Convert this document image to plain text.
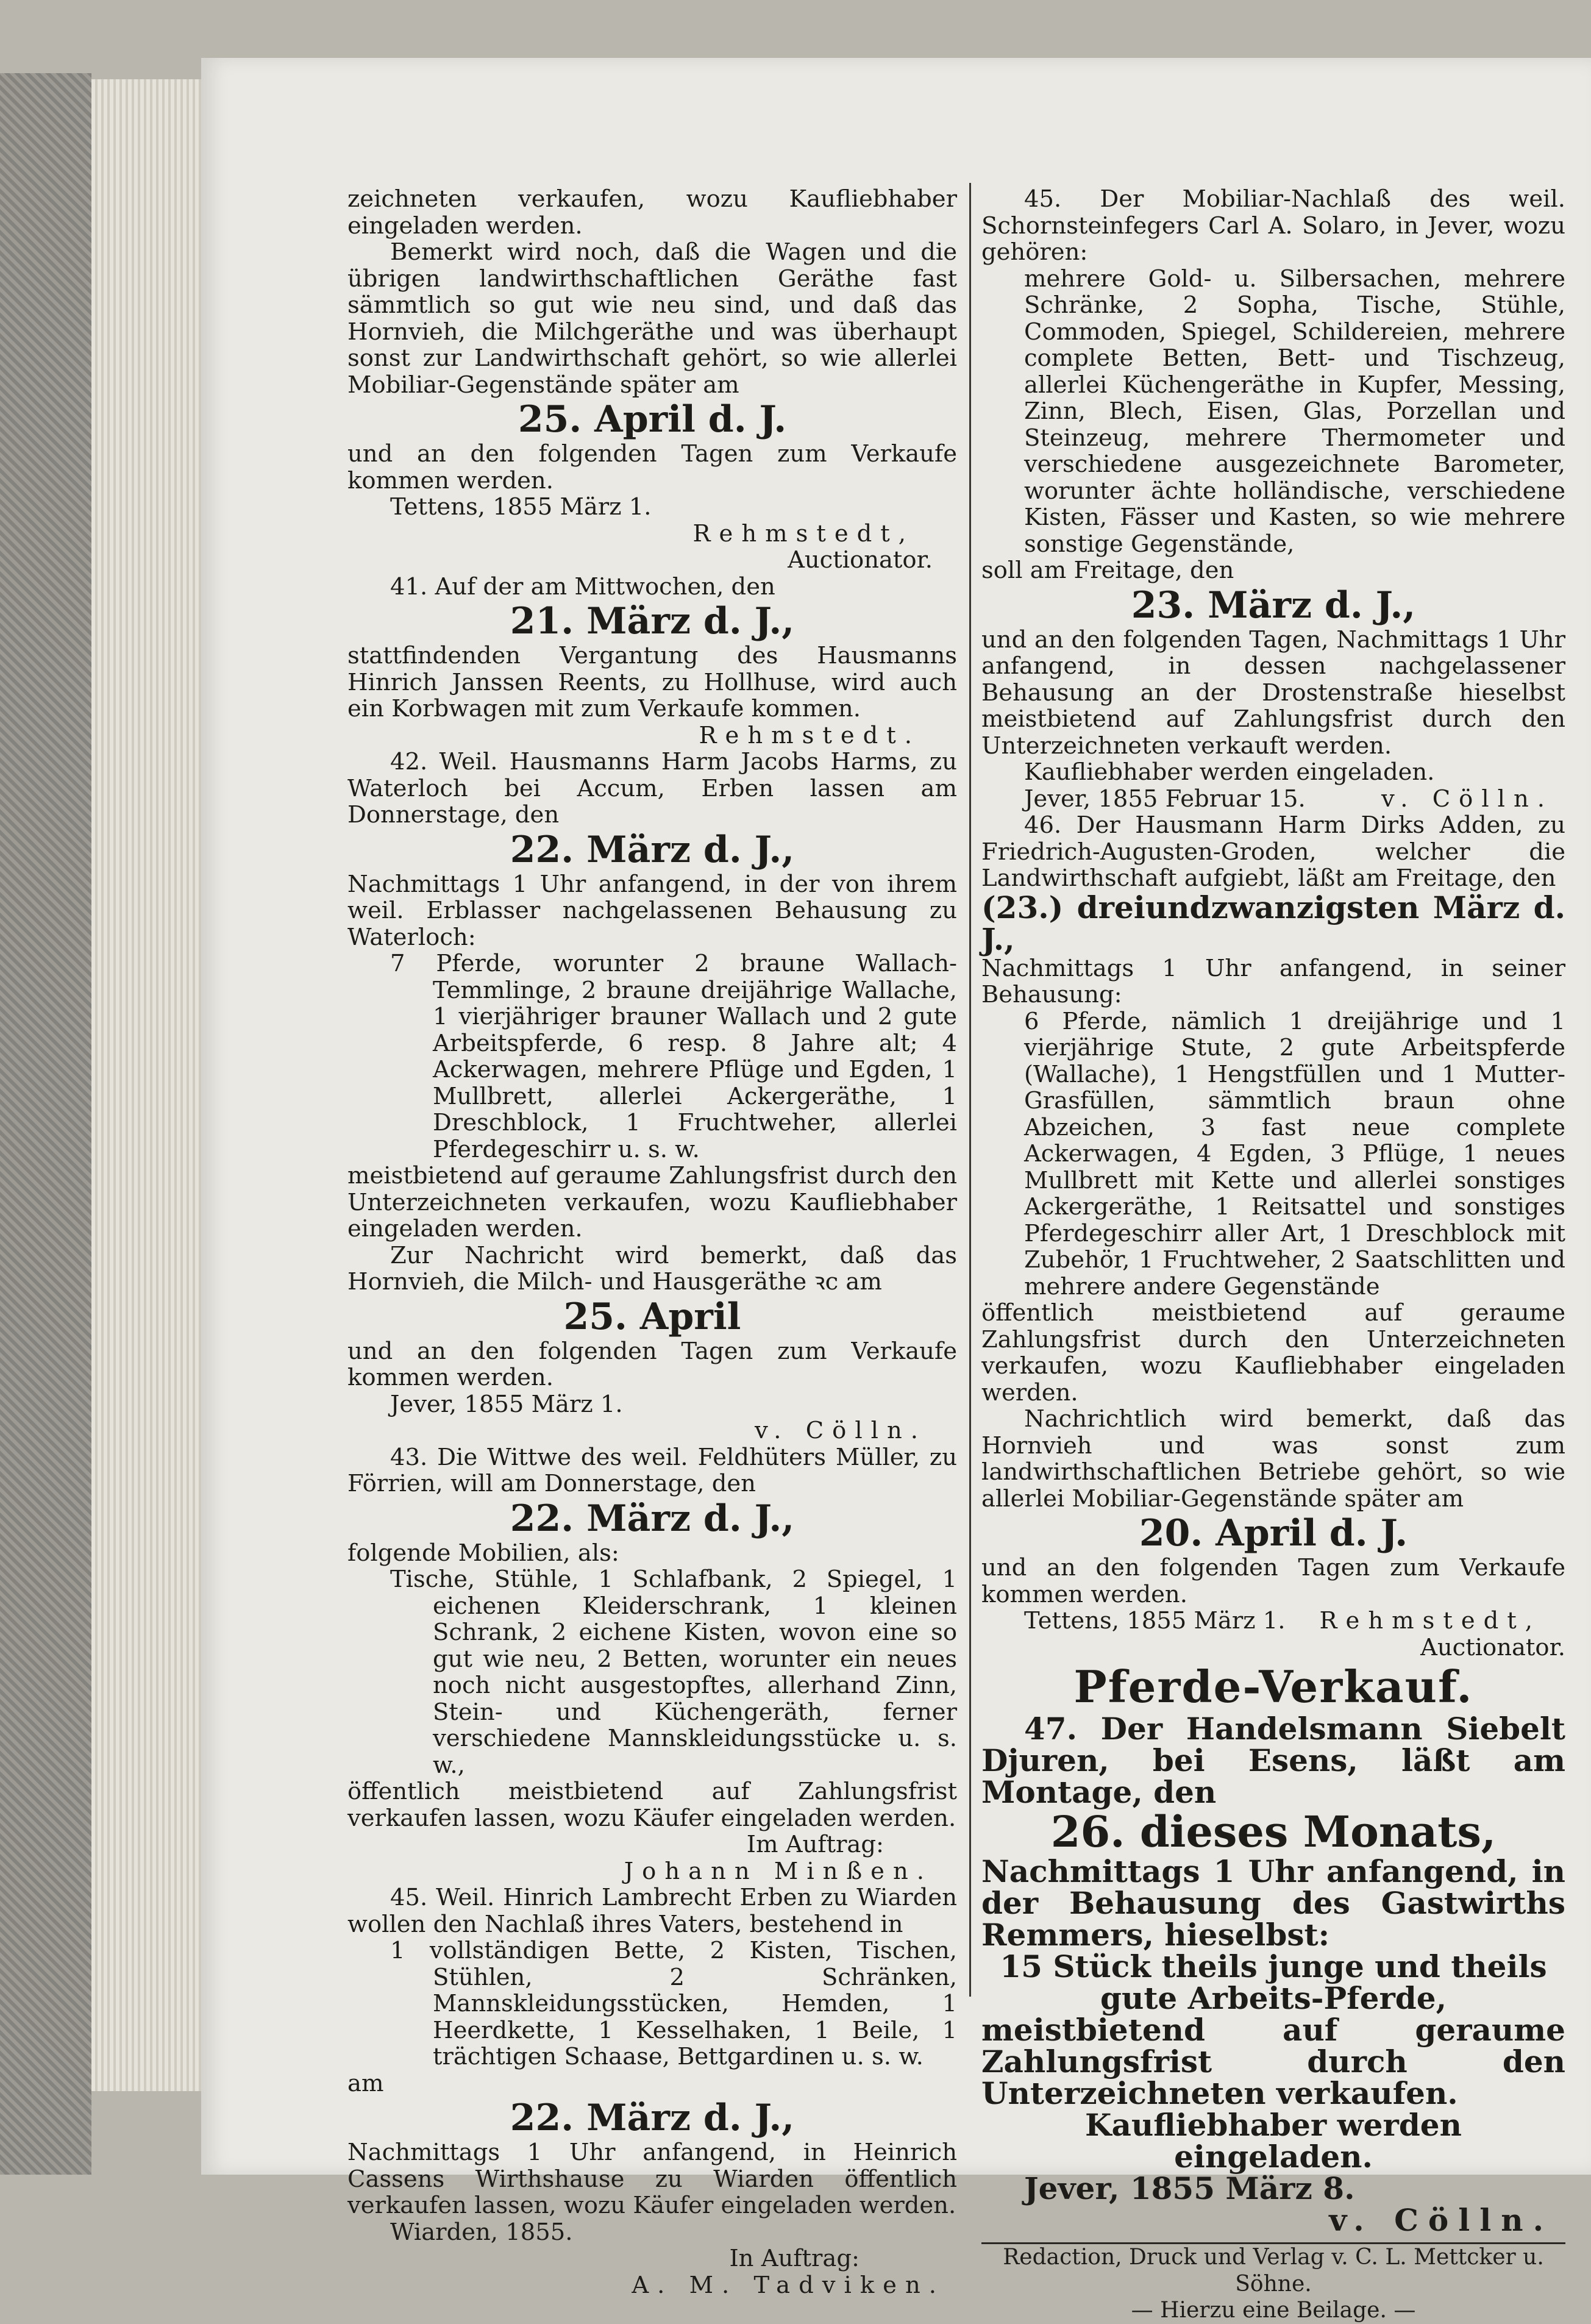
zeichneten verkaufen, wozu Kaufliebhaber eingeladen werden.

Bemerkt wird noch, daß die Wagen und die übrigen landwirthschaftlichen Geräthe fast sämmtlich so gut wie neu sind, und daß das Hornvieh, die Milchgeräthe und was überhaupt sonst zur Landwirthschaft gehört, so wie allerlei Mobiliar-Gegenstände später am

25. April d. J.

und an den folgenden Tagen zum Verkaufe kommen werden.

Tettens, 1855 März 1.

Rehmstedt,

Auctionator.

41. Auf der am Mittwochen, den

21. März d. J.,

stattfindenden Vergantung des Hausmanns Hinrich Janssen Reents, zu Hollhuse, wird auch ein Korbwagen mit zum Verkaufe kommen.

Rehmstedt.

42. Weil. Hausmanns Harm Jacobs Harms, zu Waterloch bei Accum, Erben lassen am Donnerstage, den

22. März d. J.,

Nachmittags 1 Uhr anfangend, in der von ihrem weil. Erblasser nachgelassenen Behausung zu Waterloch:

7 Pferde, worunter 2 braune Wallach-Temmlinge, 2 braune dreijährige Wallache, 1 vierjähriger brauner Wallach und 2 gute Arbeitspferde, 6 resp. 8 Jahre alt; 4 Ackerwagen, mehrere Pflüge und Egden, 1 Mullbrett, allerlei Ackergeräthe, 1 Dreschblock, 1 Fruchtweher, allerlei Pferdegeschirr u. s. w.

meistbietend auf geraume Zahlungsfrist durch den Unterzeichneten verkaufen, wozu Kaufliebhaber eingeladen werden.

Zur Nachricht wird bemerkt, daß das Hornvieh, die Milch- und Hausgeräthe ꝛc am

25. April

und an den folgenden Tagen zum Verkaufe kommen werden.

Jever, 1855 März 1.

v. Cölln.

43. Die Wittwe des weil. Feldhüters Müller, zu Förrien, will am Donnerstage, den

22. März d. J.,

folgende Mobilien, als:

Tische, Stühle, 1 Schlafbank, 2 Spiegel, 1 eichenen Kleiderschrank, 1 kleinen Schrank, 2 eichene Kisten, wovon eine so gut wie neu, 2 Betten, worunter ein neues noch nicht ausgestopftes, allerhand Zinn, Stein- und Küchengeräth, ferner verschiedene Mannskleidungsstücke u. s. w.,

öffentlich meistbietend auf Zahlungsfrist verkaufen lassen, wozu Käufer eingeladen werden.

Im Auftrag:

Johann Minßen.

45. Weil. Hinrich Lambrecht Erben zu Wiarden wollen den Nachlaß ihres Vaters, bestehend in

1 vollständigen Bette, 2 Kisten, Tischen, Stühlen, 2 Schränken, Mannskleidungsstücken, Hemden, 1 Heerdkette, 1 Kesselhaken, 1 Beile, 1 trächtigen Schaase, Bettgardinen u. s. w.

am

22. März d. J.,

Nachmittags 1 Uhr anfangend, in Heinrich Cassens Wirthshause zu Wiarden öffentlich verkaufen lassen, wozu Käufer eingeladen werden.

Wiarden, 1855.

In Auftrag:

A. M. Tadviken.

45. Der Mobiliar-Nachlaß des weil. Schornsteinfegers Carl A. Solaro, in Jever, wozu gehören:

mehrere Gold- u. Silbersachen, mehrere Schränke, 2 Sopha, Tische, Stühle, Commoden, Spiegel, Schildereien, mehrere complete Betten, Bett- und Tischzeug, allerlei Küchengeräthe in Kupfer, Messing, Zinn, Blech, Eisen, Glas, Porzellan und Steinzeug, mehrere Thermometer und verschiedene ausgezeichnete Barometer, worunter ächte holländische, verschiedene Kisten, Fässer und Kasten, so wie mehrere sonstige Gegenstände,

soll am Freitage, den

23. März d. J.,

und an den folgenden Tagen, Nachmittags 1 Uhr anfangend, in dessen nachgelassener Behausung an der Drostenstraße hieselbst meistbietend auf Zahlungsfrist durch den Unterzeichneten verkauft werden.

Kaufliebhaber werden eingeladen.

Jever, 1855 Februar 15.	v. Cölln.

46. Der Hausmann Harm Dirks Adden, zu Friedrich-Augusten-Groden, welcher die Landwirthschaft aufgiebt, läßt am Freitage, den

(23.) dreiundzwanzigsten März d. J.,

Nachmittags 1 Uhr anfangend, in seiner Behausung:

6 Pferde, nämlich 1 dreijährige und 1 vierjährige Stute, 2 gute Arbeitspferde (Wallache), 1 Hengstfüllen und 1 Mutter-Grasfüllen, sämmtlich braun ohne Abzeichen, 3 fast neue complete Ackerwagen, 4 Egden, 3 Pflüge, 1 neues Mullbrett mit Kette und allerlei sonstiges Ackergeräthe, 1 Reitsattel und sonstiges Pferdegeschirr aller Art, 1 Dreschblock mit Zubehör, 1 Fruchtweher, 2 Saatschlitten und mehrere andere Gegenstände

öffentlich meistbietend auf geraume Zahlungsfrist durch den Unterzeichneten verkaufen, wozu Kaufliebhaber eingeladen werden.

Nachrichtlich wird bemerkt, daß das Hornvieh und was sonst zum landwirthschaftlichen Betriebe gehört, so wie allerlei Mobiliar-Gegenstände später am

20. April d. J.

und an den folgenden Tagen zum Verkaufe kommen werden.

Tettens, 1855 März 1.	Rehmstedt,

Auctionator.

Pferde-Verkauf.

47. Der Handelsmann Siebelt Djuren, bei Esens, läßt am Montage, den

26. dieses Monats,

Nachmittags 1 Uhr anfangend, in der Behausung des Gastwirths Remmers, hieselbst:

15 Stück theils junge und theils gute Arbeits-Pferde,

meistbietend auf geraume Zahlungsfrist durch den Unterzeichneten verkaufen.

Kaufliebhaber werden eingeladen.

Jever, 1855 März 8.

v. Cölln.

Redaction, Druck und Verlag v. C. L. Mettcker u. Söhne.

— Hierzu eine Beilage. —
